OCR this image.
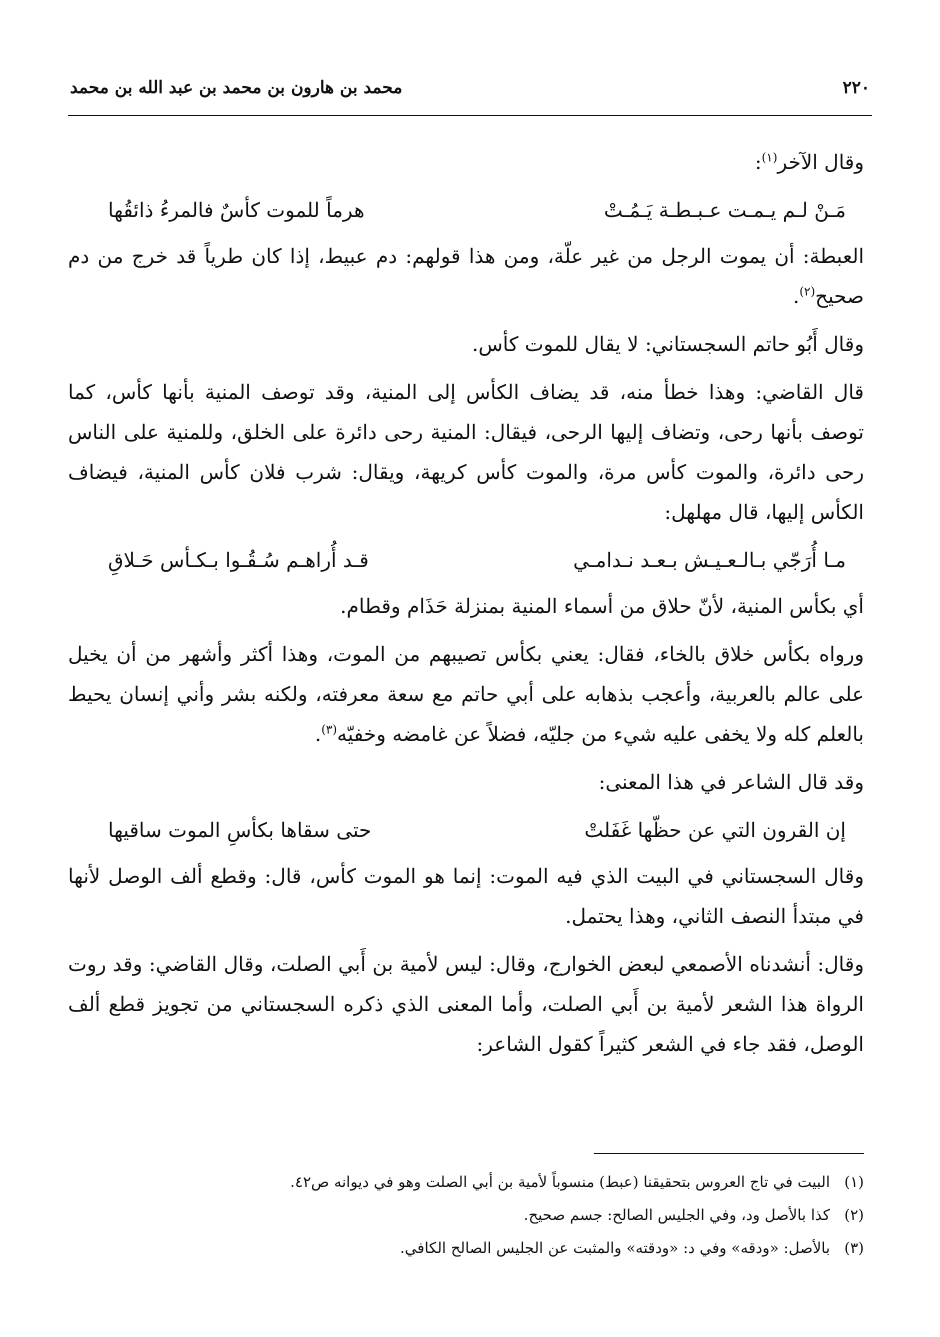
٢٢٠
محمد بن هارون بن محمد بن عبد الله بن محمد

وقال الآخر$^{(١)}$:

مَـنْ لـم يـمـت عـبـطـة يَـمُـتْ
هرماً للموت كأسٌ فالمرءُ ذائقُها

العبطة: أن يموت الرجل من غير علّة، ومن هذا قولهم: دم عبيط، إذا كان طرياً قد خرج من دم صحيح$^{(٢)}$.

وقال أَبُو حاتم السجستاني: لا يقال للموت كأس.

قال القاضي: وهذا خطأ منه، قد يضاف الكأس إلى المنية، وقد توصف المنية بأنها كأس، كما توصف بأنها رحى، وتضاف إليها الرحى، فيقال: المنية رحى دائرة على الخلق، وللمنية على الناس رحى دائرة، والموت كأس مرة، والموت كأس كريهة، ويقال: شرب فلان كأس المنية، فيضاف الكأس إليها، قال مهلهل:

مـا أُرَجّي بـالـعـيـش بـعـد نـدامـي
قـد أُراهـم سُـقُـوا بـكـأس حَـلاقِ

أي بكأس المنية، لأنّ حلاق من أسماء المنية بمنزلة حَذَام وقطام.

ورواه بكأس خلاق بالخاء، فقال: يعني بكأس تصيبهم من الموت، وهذا أكثر وأشهر من أن يخيل على عالم بالعربية، وأعجب بذهابه على أبي حاتم مع سعة معرفته، ولكنه بشر وأني إنسان يحيط بالعلم كله ولا يخفى عليه شيء من جليّه، فضلاً عن غامضه وخفيّه$^{(٣)}$.

وقد قال الشاعر في هذا المعنى:

إن القرون التي عن حظّها غَفَلتْ
حتى سقاها بكأسِ الموت ساقيها

وقال السجستاني في البيت الذي فيه الموت: إنما هو الموت كأس، قال: وقطع ألف الوصل لأنها في مبتدأ النصف الثاني، وهذا يحتمل.

وقال: أنشدناه الأصمعي لبعض الخوارج، وقال: ليس لأمية بن أَبي الصلت، وقال القاضي: وقد روت الرواة هذا الشعر لأمية بن أَبي الصلت، وأما المعنى الذي ذكره السجستاني من تجويز قطع ألف الوصل، فقد جاء في الشعر كثيراً كقول الشاعر:

(١)
البيت في تاج العروس بتحقيقنا (عبط) منسوباً لأمية بن أبي الصلت وهو في ديوانه ص٤٢.
(٢)
كذا بالأصل ود، وفي الجليس الصالح: جسم صحيح.
(٣)
بالأصل: «ودقه» وفي د: «ودقته» والمثبت عن الجليس الصالح الكافي.
